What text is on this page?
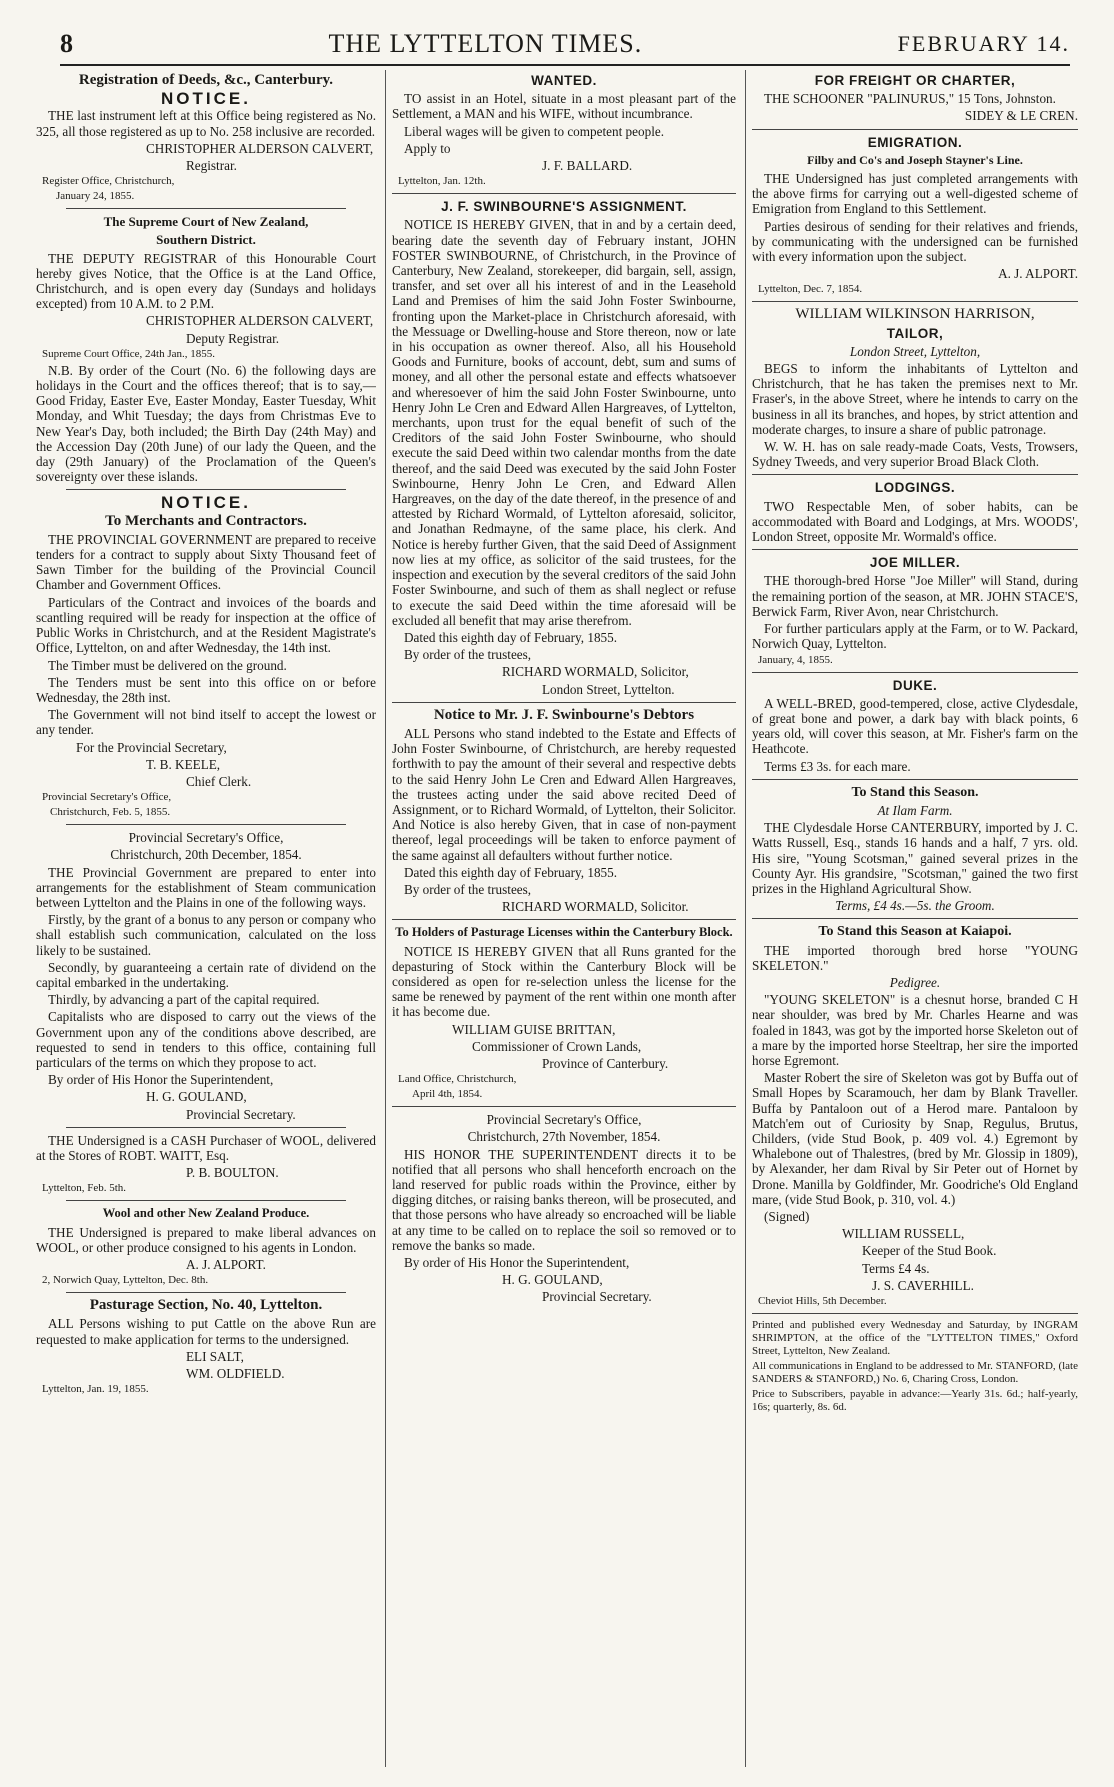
8	THE LYTTELTON TIMES.	FEBRUARY 14.
Registration of Deeds, &c., Canterbury.
NOTICE.

THE last instrument left at this Office being registered as No. 325, all those registered as up to No. 258 inclusive are recorded.

CHRISTOPHER ALDERSON CALVERT,

Registrar.

Register Office, Christchurch,

January 24, 1855.

The Supreme Court of New Zealand,
Southern District.

THE DEPUTY REGISTRAR of this Honourable Court hereby gives Notice, that the Office is at the Land Office, Christchurch, and is open every day (Sundays and holidays excepted) from 10 A.M. to 2 P.M.

CHRISTOPHER ALDERSON CALVERT,

Deputy Registrar.

Supreme Court Office, 24th Jan., 1855.

N.B. By order of the Court (No. 6) the following days are holidays in the Court and the offices thereof; that is to say,—Good Friday, Easter Eve, Easter Monday, Easter Tuesday, Whit Monday, and Whit Tuesday; the days from Christmas Eve to New Year's Day, both included; the Birth Day (24th May) and the Accession Day (20th June) of our lady the Queen, and the day (29th January) of the Proclamation of the Queen's sovereignty over these islands.

NOTICE.
To Merchants and Contractors.

THE PROVINCIAL GOVERNMENT are prepared to receive tenders for a contract to supply about Sixty Thousand feet of Sawn Timber for the building of the Provincial Council Chamber and Government Offices.

Particulars of the Contract and invoices of the boards and scantling required will be ready for inspection at the office of Public Works in Christchurch, and at the Resident Magistrate's Office, Lyttelton, on and after Wednesday, the 14th inst.

The Timber must be delivered on the ground.

The Tenders must be sent into this office on or before Wednesday, the 28th inst.

The Government will not bind itself to accept the lowest or any tender.

For the Provincial Secretary,

T. B. KEELE,

Chief Clerk.

Provincial Secretary's Office,

Christchurch, Feb. 5, 1855.

Provincial Secretary's Office,

Christchurch, 20th December, 1854.

THE Provincial Government are prepared to enter into arrangements for the establishment of Steam communication between Lyttelton and the Plains in one of the following ways.

Firstly, by the grant of a bonus to any person or company who shall establish such communication, calculated on the loss likely to be sustained.

Secondly, by guaranteeing a certain rate of dividend on the capital embarked in the undertaking.

Thirdly, by advancing a part of the capital required.

Capitalists who are disposed to carry out the views of the Government upon any of the conditions above described, are requested to send in tenders to this office, containing full particulars of the terms on which they propose to act.

By order of His Honor the Superintendent,

H. G. GOULAND,

Provincial Secretary.

THE Undersigned is a CASH Purchaser of WOOL, delivered at the Stores of ROBT. WAITT, Esq.

P. B. BOULTON.

Lyttelton, Feb. 5th.

Wool and other New Zealand Produce.

THE Undersigned is prepared to make liberal advances on WOOL, or other produce consigned to his agents in London.

A. J. ALPORT.

2, Norwich Quay, Lyttelton, Dec. 8th.

Pasturage Section, No. 40, Lyttelton.

ALL Persons wishing to put Cattle on the above Run are requested to make application for terms to the undersigned.

ELI SALT,

WM. OLDFIELD.

Lyttelton, Jan. 19, 1855.

WANTED.

TO assist in an Hotel, situate in a most pleasant part of the Settlement, a MAN and his WIFE, without incumbrance.

Liberal wages will be given to competent people.

Apply to

J. F. BALLARD.

Lyttelton, Jan. 12th.

J. F. SWINBOURNE'S ASSIGNMENT.

NOTICE IS HEREBY GIVEN, that in and by a certain deed, bearing date the seventh day of February instant, JOHN FOSTER SWINBOURNE, of Christchurch, in the Province of Canterbury, New Zealand, storekeeper, did bargain, sell, assign, transfer, and set over all his interest of and in the Leasehold Land and Premises of him the said John Foster Swinbourne, fronting upon the Market-place in Christchurch aforesaid, with the Messuage or Dwelling-house and Store thereon, now or late in his occupation as owner thereof. Also, all his Household Goods and Furniture, books of account, debt, sum and sums of money, and all other the personal estate and effects whatsoever and wheresoever of him the said John Foster Swinbourne, unto Henry John Le Cren and Edward Allen Hargreaves, of Lyttelton, merchants, upon trust for the equal benefit of such of the Creditors of the said John Foster Swinbourne, who should execute the said Deed within two calendar months from the date thereof, and the said Deed was executed by the said John Foster Swinbourne, Henry John Le Cren, and Edward Allen Hargreaves, on the day of the date thereof, in the presence of and attested by Richard Wormald, of Lyttelton aforesaid, solicitor, and Jonathan Redmayne, of the same place, his clerk. And Notice is hereby further Given, that the said Deed of Assignment now lies at my office, as solicitor of the said trustees, for the inspection and execution by the several creditors of the said John Foster Swinbourne, and such of them as shall neglect or refuse to execute the said Deed within the time aforesaid will be excluded all benefit that may arise therefrom.

Dated this eighth day of February, 1855.

By order of the trustees,

RICHARD WORMALD, Solicitor,

London Street, Lyttelton.

Notice to Mr. J. F. Swinbourne's Debtors

ALL Persons who stand indebted to the Estate and Effects of John Foster Swinbourne, of Christchurch, are hereby requested forthwith to pay the amount of their several and respective debts to the said Henry John Le Cren and Edward Allen Hargreaves, the trustees acting under the said above recited Deed of Assignment, or to Richard Wormald, of Lyttelton, their Solicitor. And Notice is also hereby Given, that in case of non-payment thereof, legal proceedings will be taken to enforce payment of the same against all defaulters without further notice.

Dated this eighth day of February, 1855.

By order of the trustees,

RICHARD WORMALD, Solicitor.

To Holders of Pasturage Licenses within the Canterbury Block.

NOTICE IS HEREBY GIVEN that all Runs granted for the depasturing of Stock within the Canterbury Block will be considered as open for re-selection unless the license for the same be renewed by payment of the rent within one month after it has become due.

WILLIAM GUISE BRITTAN,

Commissioner of Crown Lands,

Province of Canterbury.

Land Office, Christchurch,

April 4th, 1854.

Provincial Secretary's Office,

Christchurch, 27th November, 1854.

HIS HONOR THE SUPERINTENDENT directs it to be notified that all persons who shall henceforth encroach on the land reserved for public roads within the Province, either by digging ditches, or raising banks thereon, will be prosecuted, and that those persons who have already so encroached will be liable at any time to be called on to replace the soil so removed or to remove the banks so made.

By order of His Honor the Superintendent,

H. G. GOULAND,

Provincial Secretary.

FOR FREIGHT OR CHARTER,

THE SCHOONER "PALINURUS," 15 Tons, Johnston.

SIDEY & LE CREN.

EMIGRATION.
Filby and Co's and Joseph Stayner's Line.

THE Undersigned has just completed arrangements with the above firms for carrying out a well-digested scheme of Emigration from England to this Settlement.

Parties desirous of sending for their relatives and friends, by communicating with the undersigned can be furnished with every information upon the subject.

A. J. ALPORT.

Lyttelton, Dec. 7, 1854.

WILLIAM WILKINSON HARRISON,
TAILOR,

London Street, Lyttelton,

BEGS to inform the inhabitants of Lyttelton and Christchurch, that he has taken the premises next to Mr. Fraser's, in the above Street, where he intends to carry on the business in all its branches, and hopes, by strict attention and moderate charges, to insure a share of public patronage.

W. W. H. has on sale ready-made Coats, Vests, Trowsers, Sydney Tweeds, and very superior Broad Black Cloth.

LODGINGS.

TWO Respectable Men, of sober habits, can be accommodated with Board and Lodgings, at Mrs. WOODS', London Street, opposite Mr. Wormald's office.

JOE MILLER.

THE thorough-bred Horse "Joe Miller" will Stand, during the remaining portion of the season, at MR. JOHN STACE'S, Berwick Farm, River Avon, near Christchurch.

For further particulars apply at the Farm, or to W. Packard, Norwich Quay, Lyttelton.

January, 4, 1855.

DUKE.

A WELL-BRED, good-tempered, close, active Clydesdale, of great bone and power, a dark bay with black points, 6 years old, will cover this season, at Mr. Fisher's farm on the Heathcote.

Terms £3 3s. for each mare.

To Stand this Season.

At Ilam Farm.

THE Clydesdale Horse CANTERBURY, imported by J. C. Watts Russell, Esq., stands 16 hands and a half, 7 yrs. old. His sire, "Young Scotsman," gained several prizes in the County Ayr. His grandsire, "Scotsman," gained the two first prizes in the Highland Agricultural Show.

Terms, £4 4s.—5s. the Groom.

To Stand this Season at Kaiapoi.

THE imported thorough bred horse "YOUNG SKELETON."

Pedigree.

"YOUNG SKELETON" is a chesnut horse, branded C H near shoulder, was bred by Mr. Charles Hearne and was foaled in 1843, was got by the imported horse Skeleton out of a mare by the imported horse Steeltrap, her sire the imported horse Egremont.

Master Robert the sire of Skeleton was got by Buffa out of Small Hopes by Scaramouch, her dam by Blank Traveller. Buffa by Pantaloon out of a Herod mare. Pantaloon by Match'em out of Curiosity by Snap, Regulus, Brutus, Childers, (vide Stud Book, p. 409 vol. 4.) Egremont by Whalebone out of Thalestres, (bred by Mr. Glossip in 1809), by Alexander, her dam Rival by Sir Peter out of Hornet by Drone. Manilla by Goldfinder, Mr. Goodriche's Old England mare, (vide Stud Book, p. 310, vol. 4.)

(Signed)

WILLIAM RUSSELL,

Keeper of the Stud Book.

Terms £4 4s.

J. S. CAVERHILL.

Cheviot Hills, 5th December.

Printed and published every Wednesday and Saturday, by INGRAM SHRIMPTON, at the office of the "LYTTELTON TIMES," Oxford Street, Lyttelton, New Zealand.

All communications in England to be addressed to Mr. STANFORD, (late SANDERS & STANFORD,) No. 6, Charing Cross, London.

Price to Subscribers, payable in advance:—Yearly 31s. 6d.; half-yearly, 16s; quarterly, 8s. 6d.
